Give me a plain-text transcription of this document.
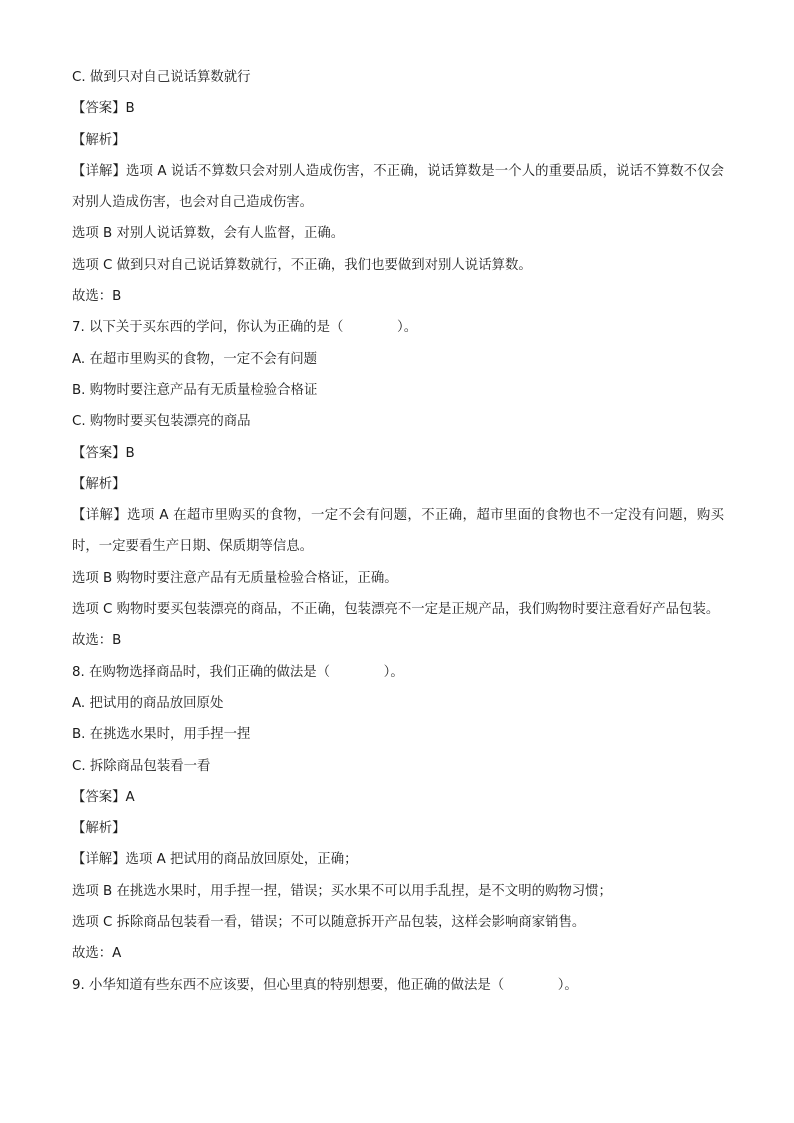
C. 做到只对自己说话算数就行
【答案】B
【解析】
【详解】选项 A 说话不算数只会对别人造成伤害，不正确，说话算数是一个人的重要品质，说话不算数不仅会对别人造成伤害，也会对自己造成伤害。
选项 B 对别人说话算数，会有人监督，正确。
选项 C 做到只对自己说话算数就行，不正确，我们也要做到对别人说话算数。
故选：B
7. 以下关于买东西的学问，你认为正确的是（　　　　）。
A. 在超市里购买的食物，一定不会有问题
B. 购物时要注意产品有无质量检验合格证
C. 购物时要买包装漂亮的商品
【答案】B
【解析】
【详解】选项 A 在超市里购买的食物，一定不会有问题，不正确，超市里面的食物也不一定没有问题，购买时，一定要看生产日期、保质期等信息。
选项 B 购物时要注意产品有无质量检验合格证，正确。
选项 C 购物时要买包装漂亮的商品，不正确，包装漂亮不一定是正规产品，我们购物时要注意看好产品包装。
故选：B
8. 在购物选择商品时，我们正确的做法是（　　　　）。
A. 把试用的商品放回原处
B. 在挑选水果时，用手捏一捏
C. 拆除商品包装看一看
【答案】A
【解析】
【详解】选项 A 把试用的商品放回原处，正确；
选项 B 在挑选水果时，用手捏一捏，错误；买水果不可以用手乱捏，是不文明的购物习惯；
选项 C 拆除商品包装看一看，错误；不可以随意拆开产品包装，这样会影响商家销售。
故选：A
9. 小华知道有些东西不应该要，但心里真的特别想要，他正确的做法是（　　　　）。
